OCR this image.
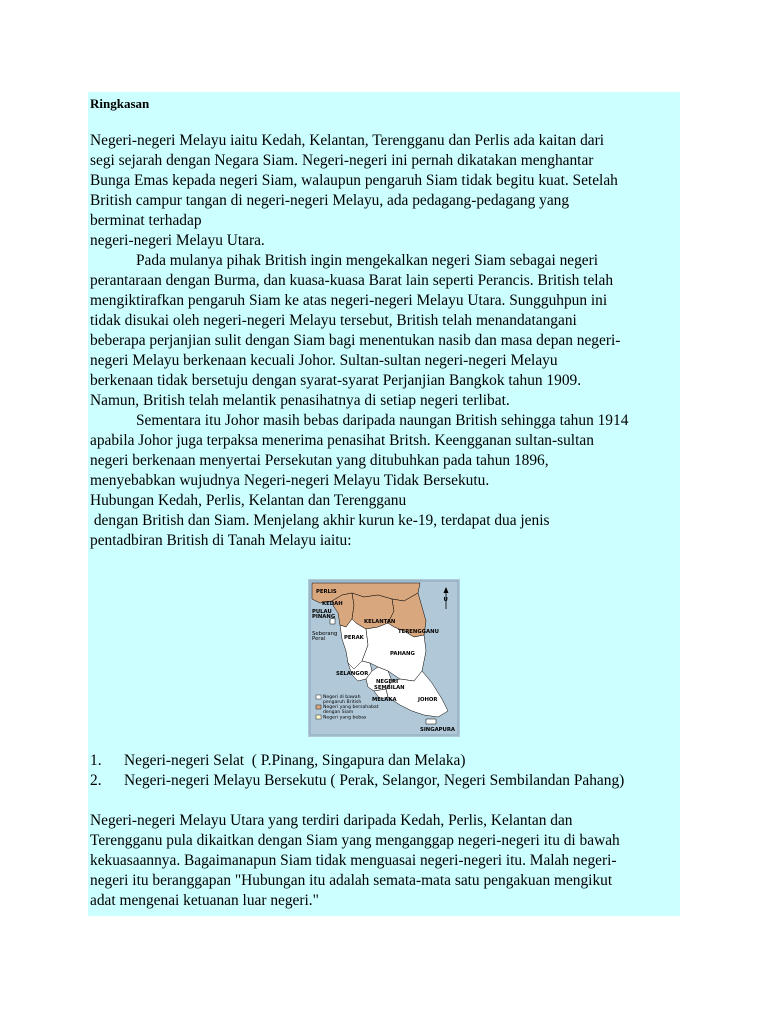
Ringkasan
Negeri-negeri Melayu iaitu Kedah, Kelantan, Terengganu dan Perlis ada kaitan dari
segi sejarah dengan Negara Siam. Negeri-negeri ini pernah dikatakan menghantar
Bunga Emas kepada negeri Siam, walaupun pengaruh Siam tidak begitu kuat. Setelah
British campur tangan di negeri-negeri Melayu, ada pedagang-pedagang yang
berminat terhadap
negeri-negeri Melayu Utara.
Pada mulanya pihak British ingin mengekalkan negeri Siam sebagai negeri
perantaraan dengan Burma, dan kuasa-kuasa Barat lain seperti Perancis. British telah
mengiktirafkan pengaruh Siam ke atas negeri-negeri Melayu Utara. Sungguhpun ini
tidak disukai oleh negeri-negeri Melayu tersebut, British telah menandatangani
beberapa perjanjian sulit dengan Siam bagi menentukan nasib dan masa depan negeri-
negeri Melayu berkenaan kecuali Johor. Sultan-sultan negeri-negeri Melayu
berkenaan tidak bersetuju dengan syarat-syarat Perjanjian Bangkok tahun 1909.
Namun, British telah melantik penasihatnya di setiap negeri terlibat.
Sementara itu Johor masih bebas daripada naungan British sehingga tahun 1914
apabila Johor juga terpaksa menerima penasihat Britsh. Keengganan sultan-sultan
negeri berkenaan menyertai Persekutan yang ditubuhkan pada tahun 1896,
menyebabkan wujudnya Negeri-negeri Melayu Tidak Bersekutu.
Hubungan Kedah, Perlis, Kelantan dan Terengganu
dengan British dan Siam. Menjelang akhir kurun ke-19, terdapat dua jenis
pentadbiran British di Tanah Melayu iaitu:
U
PERLIS
KEDAH
PULAU
PINANG
PERAK
Seberang
Perai
KELANTAN
TERENGGANU
PAHANG
SELANGOR
NEGERI
SEMBILAN
MELAKA	JOHOR
SINGAPURA
Negeri di bawah
pengaruh British
Negeri yang bersahabat
dengan Siam
Negeri yang bebas
1.	Negeri-negeri Selat  ( P.Pinang, Singapura dan Melaka)
2.	Negeri-negeri Melayu Bersekutu ( Perak, Selangor, Negeri Sembilandan Pahang)
Negeri-negeri Melayu Utara yang terdiri daripada Kedah, Perlis, Kelantan dan
Terengganu pula dikaitkan dengan Siam yang menganggap negeri-negeri itu di bawah
kekuasaannya. Bagaimanapun Siam tidak menguasai negeri-negeri itu. Malah negeri-
negeri itu beranggapan "Hubungan itu adalah semata-mata satu pengakuan mengikut
adat mengenai ketuanan luar negeri."
